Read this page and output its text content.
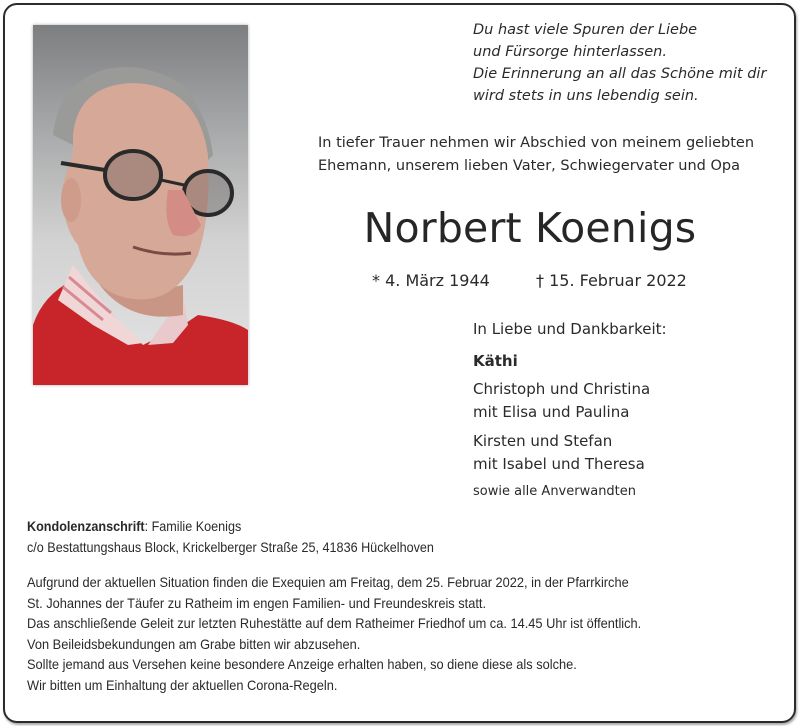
Du hast viele Spuren der Liebe
und Fürsorge hinterlassen.
Die Erinnerung an all das Schöne mit dir
wird stets in uns lebendig sein.
In tiefer Trauer nehmen wir Abschied von meinem geliebten
Ehemann, unserem lieben Vater, Schwiegervater und Opa
Norbert Koenigs
* 4. März 1944	† 15. Februar 2022
In Liebe und Dankbarkeit:
Käthi
Christoph und Christina
mit Elisa und Paulina
Kirsten und Stefan
mit Isabel und Theresa
sowie alle Anverwandten
Kondolenzanschrift: Familie Koenigs
c/o Bestattungshaus Block, Krickelberger Straße 25, 41836 Hückelhoven
Aufgrund der aktuellen Situation finden die Exequien am Freitag, dem 25. Februar 2022, in der Pfarrkirche
St. Johannes der Täufer zu Ratheim im engen Familien- und Freundeskreis statt.
Das anschließende Geleit zur letzten Ruhestätte auf dem Ratheimer Friedhof um ca. 14.45 Uhr ist öffentlich.
Von Beileidsbekundungen am Grabe bitten wir abzusehen.
Sollte jemand aus Versehen keine besondere Anzeige erhalten haben, so diene diese als solche.
Wir bitten um Einhaltung der aktuellen Corona-Regeln.
